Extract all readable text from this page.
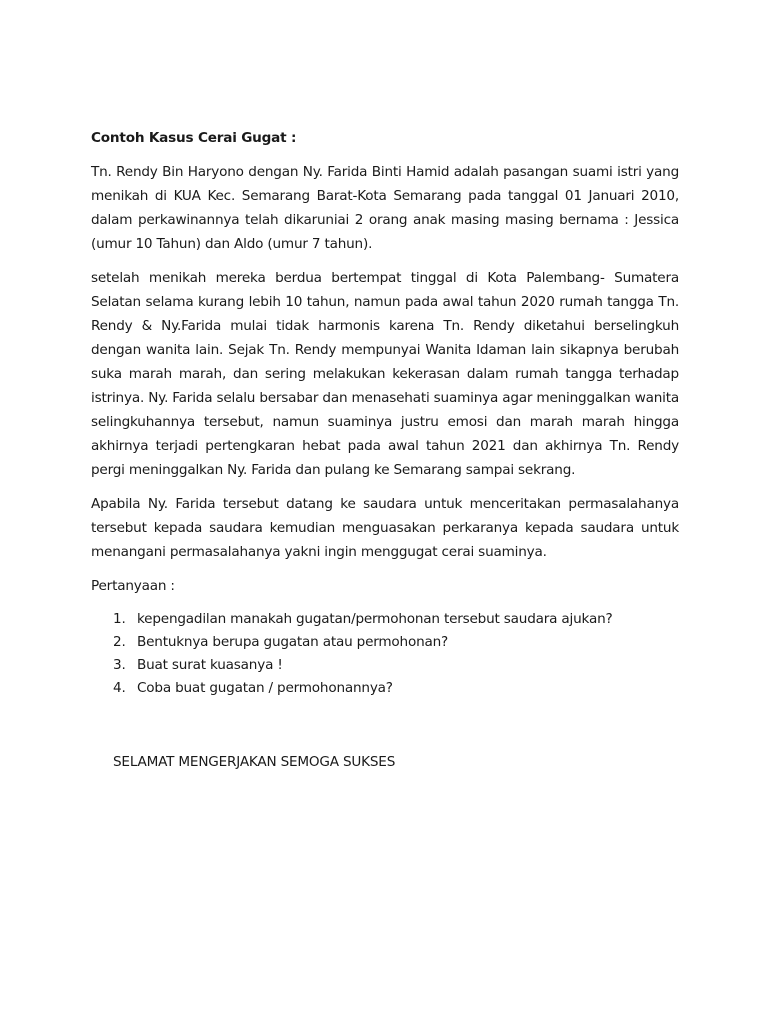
Contoh Kasus Cerai Gugat :

Tn. Rendy Bin Haryono dengan Ny. Farida Binti Hamid adalah pasangan suami istri yang menikah di KUA Kec. Semarang Barat-Kota Semarang pada tanggal 01 Januari 2010, dalam perkawinannya telah dikaruniai 2 orang anak masing masing bernama : Jessica (umur 10 Tahun) dan Aldo (umur 7 tahun).

setelah menikah mereka berdua bertempat tinggal di Kota Palembang- Sumatera Selatan selama kurang lebih 10 tahun, namun pada awal tahun 2020 rumah tangga Tn. Rendy & Ny.Farida mulai tidak harmonis karena Tn. Rendy diketahui berselingkuh dengan wanita lain. Sejak Tn. Rendy mempunyai Wanita Idaman lain sikapnya berubah suka marah marah, dan sering melakukan kekerasan dalam rumah tangga terhadap istrinya. Ny. Farida selalu bersabar dan menasehati suaminya agar meninggalkan wanita selingkuhannya tersebut, namun suaminya justru emosi dan marah marah hingga akhirnya terjadi pertengkaran hebat pada awal tahun 2021 dan akhirnya Tn. Rendy pergi meninggalkan Ny. Farida dan pulang ke Semarang sampai sekrang.

Apabila Ny. Farida tersebut datang ke saudara untuk menceritakan permasalahanya tersebut kepada saudara kemudian menguasakan perkaranya kepada saudara untuk menangani permasalahanya yakni ingin menggugat cerai suaminya.

Pertanyaan :

1. kepengadilan manakah gugatan/permohonan tersebut saudara ajukan?
2. Bentuknya berupa gugatan atau permohonan?
3. Buat surat kuasanya !
4. Coba buat gugatan / permohonannya?

SELAMAT MENGERJAKAN SEMOGA SUKSES
